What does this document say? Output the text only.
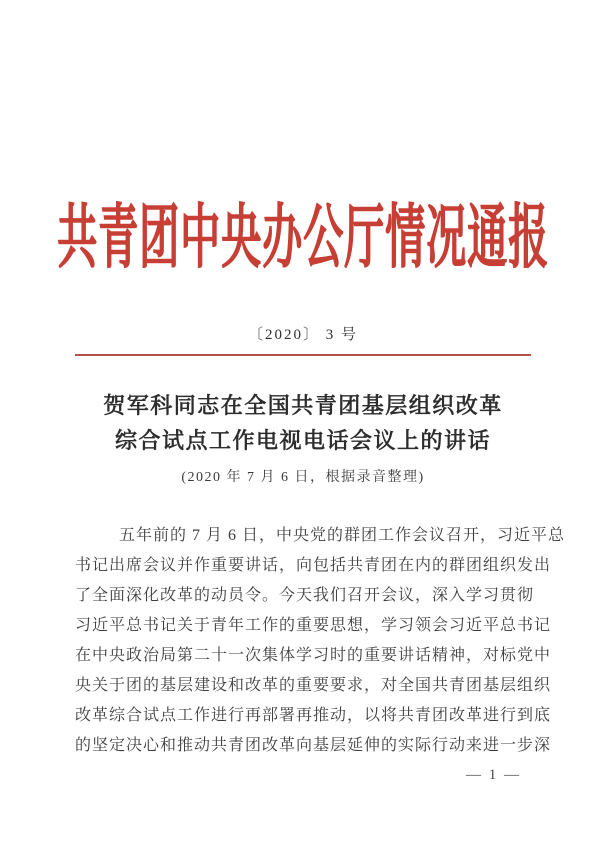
共青团中央办公厅情况通报
〔2020〕 3 号
贺军科同志在全国共青团基层组织改革
综合试点工作电视电话会议上的讲话
(2020 年 7 月 6 日，根据录音整理)
五年前的 7 月 6 日，中央党的群团工作会议召开，习近平总
书记出席会议并作重要讲话，向包括共青团在内的群团组织发出
了全面深化改革的动员令。今天我们召开会议，深入学习贯彻
习近平总书记关于青年工作的重要思想，学习领会习近平总书记
在中央政治局第二十一次集体学习时的重要讲话精神，对标党中
央关于团的基层建设和改革的重要要求，对全国共青团基层组织
改革综合试点工作进行再部署再推动，以将共青团改革进行到底
的坚定决心和推动共青团改革向基层延伸的实际行动来进一步深
— 1 —
